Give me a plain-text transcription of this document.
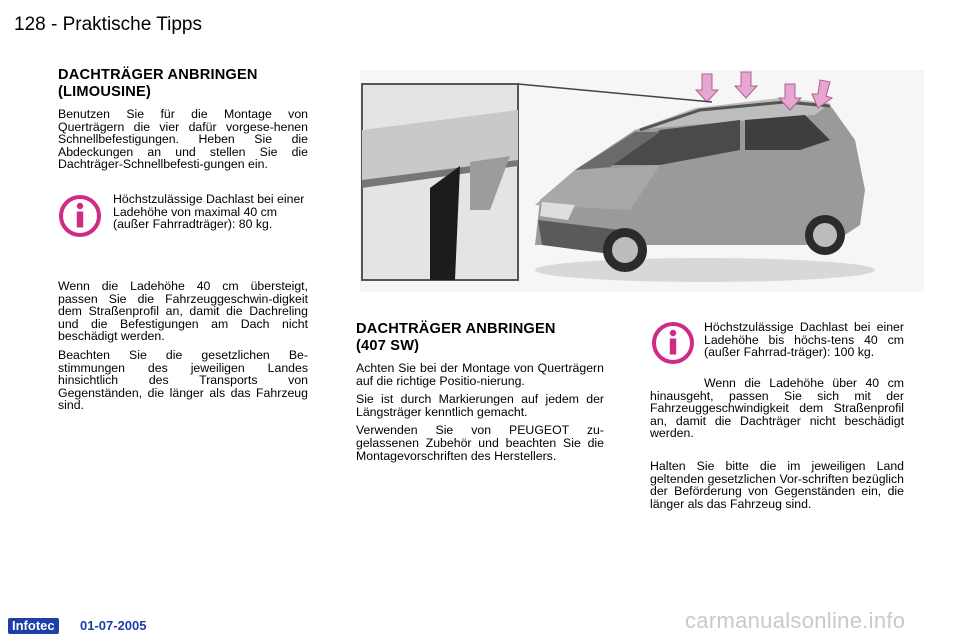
128 - Praktische Tipps
DACHTRÄGER ANBRINGEN
(LIMOUSINE)

Benutzen Sie für die Montage von Querträgern die vier dafür vorgese-henen Schnellbefestigungen. Heben Sie die Abdeckungen an und stellen Sie die Dachträger-Schnellbefesti-gungen ein.

Höchstzulässige Dachlast bei einer Ladehöhe von maximal 40 cm (außer Fahrradträger): 80 kg.

Wenn die Ladehöhe 40 cm übersteigt, passen Sie die Fahrzeuggeschwin-digkeit dem Straßenprofil an, damit die Dachreling und die Befestigungen am Dach nicht beschädigt werden.

Beachten Sie die gesetzlichen Be-stimmungen des jeweiligen Landes hinsichtlich des Transports von Gegenständen, die länger als das Fahrzeug sind.

DACHTRÄGER ANBRINGEN
(407 SW)

Achten Sie bei der Montage von Querträgern auf die richtige Positio-nierung.

Sie ist durch Markierungen auf jedem der Längsträger kenntlich gemacht.

Verwenden Sie von PEUGEOT zu-gelassenen Zubehör und beachten Sie die Montagevorschriften des Herstellers.

Höchstzulässige Dachlast bei einer Ladehöhe bis höchs-tens 40 cm (außer Fahrrad-träger): 100 kg.

Wenn die Ladehöhe über 40 cm hinausgeht, passen Sie sich mit der Fahrzeuggeschwindigkeit dem Straßenprofil an, damit die Dachträger nicht beschädigt werden.

Halten Sie bitte die im jeweiligen Land geltenden gesetzlichen Vor-schriften bezüglich der Beförderung von Gegenständen ein, die länger als das Fahrzeug sind.

Infotec	01-07-2005	carmanualsonline.info
